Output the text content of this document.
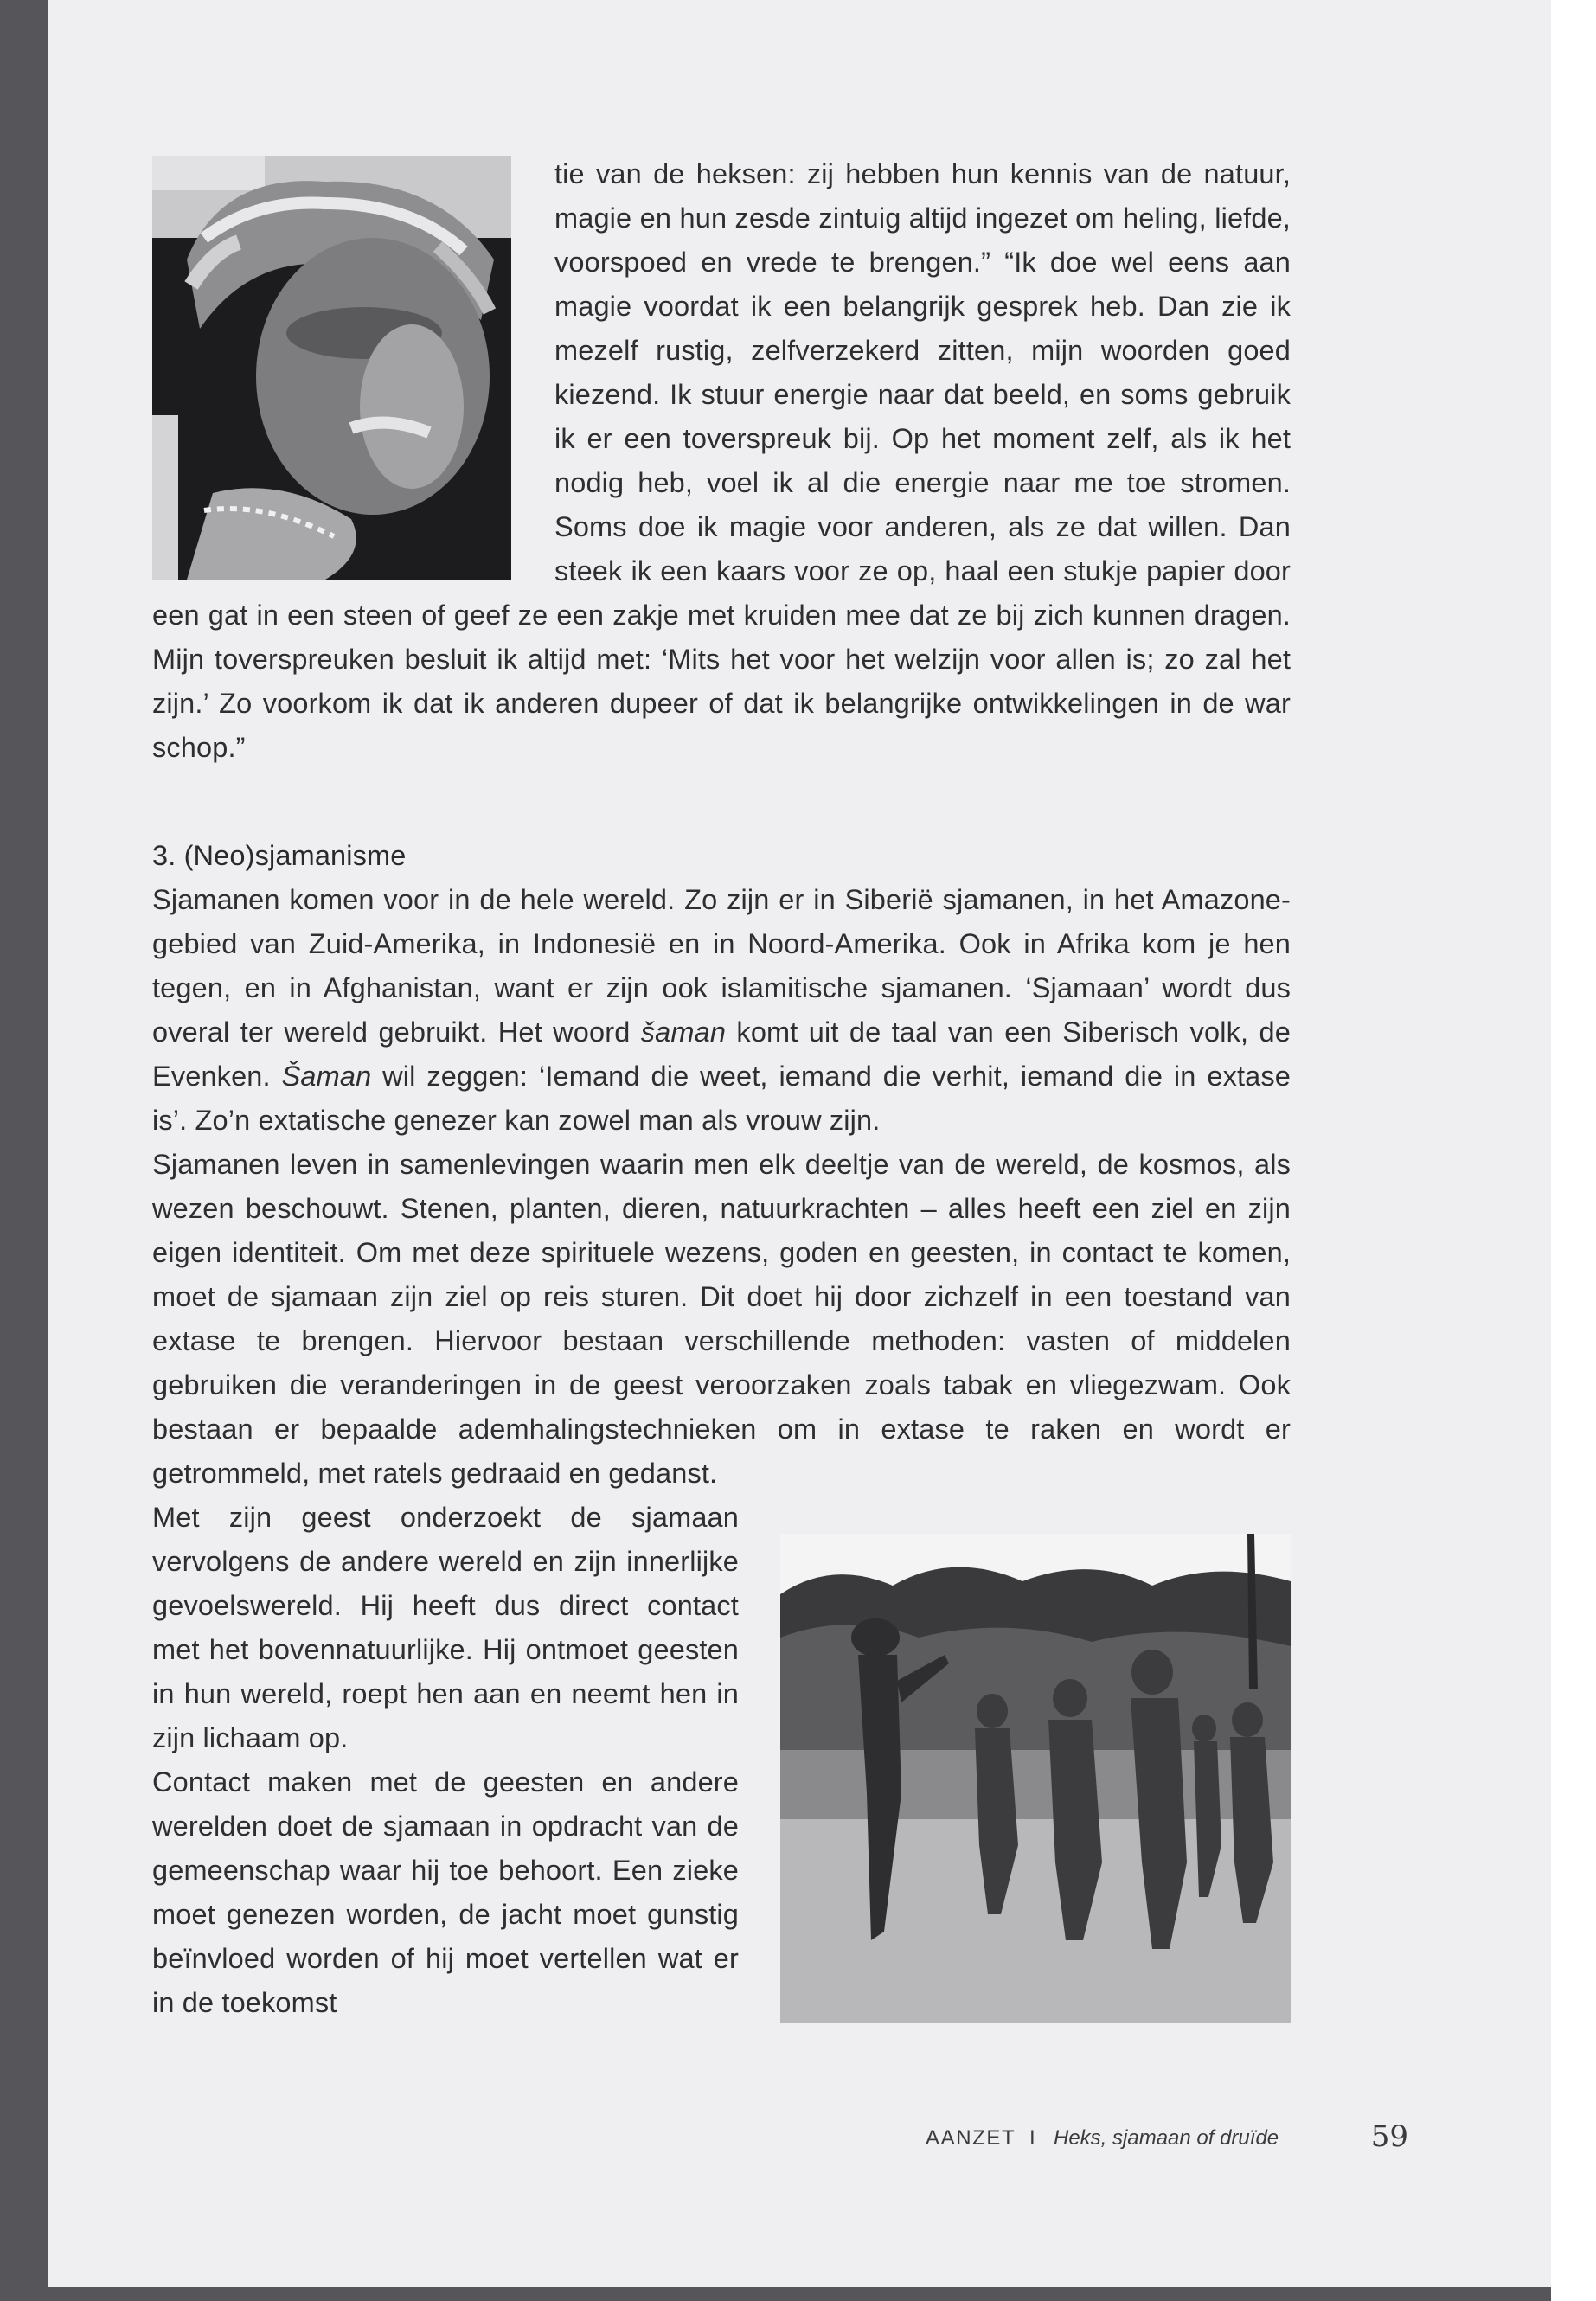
tie van de heksen: zij hebben hun kennis van de natuur, magie en hun zesde zintuig altijd ingezet om heling, liefde, voorspoed en vrede te brengen.” “Ik doe wel eens aan magie voordat ik een belangrijk gesprek heb. Dan zie ik mezelf rustig, zelfverzekerd zitten, mijn woorden goed kiezend. Ik stuur energie naar dat beeld, en soms gebruik ik er een toverspreuk bij. Op het moment zelf, als ik het nodig heb, voel ik al die energie naar me toe stromen. Soms doe ik magie voor anderen, als ze dat willen. Dan steek ik een kaars voor ze op, haal een stukje papier door een gat in een steen of geef ze een zakje met kruiden mee dat ze bij zich kunnen dragen. Mijn toverspreuken besluit ik altijd met: ‘Mits het voor het welzijn voor allen is; zo zal het zijn.’ Zo voorkom ik dat ik anderen dupeer of dat ik belangrijke ontwikkelingen in de war schop.”

3. (Neo)sjamanisme

Sjamanen komen voor in de hele wereld. Zo zijn er in Siberië sjamanen, in het Amazone-gebied van Zuid-Amerika, in Indonesië en in Noord-Amerika. Ook in Afrika kom je hen tegen, en in Afghanistan, want er zijn ook islamitische sjamanen. ‘Sjamaan’ wordt dus overal ter wereld gebruikt. Het woord šaman komt uit de taal van een Siberisch volk, de Evenken. Šaman wil zeggen: ‘Iemand die weet, iemand die verhit, iemand die in extase is’. Zo’n extatische genezer kan zowel man als vrouw zijn.

Sjamanen leven in samenlevingen waarin men elk deeltje van de wereld, de kosmos, als wezen beschouwt. Stenen, planten, dieren, natuurkrachten – alles heeft een ziel en zijn eigen identiteit. Om met deze spirituele wezens, goden en geesten, in contact te komen, moet de sjamaan zijn ziel op reis sturen. Dit doet hij door zichzelf in een toestand van extase te brengen. Hiervoor bestaan verschillende methoden: vasten of middelen gebruiken die veranderingen in de geest veroorzaken zoals tabak en vliegezwam. Ook bestaan er bepaalde ademhalingstechnieken om in extase te raken en wordt er getrommeld, met ratels gedraaid en gedanst.

Met zijn geest onderzoekt de sjamaan vervolgens de andere wereld en zijn innerlijke gevoelswereld. Hij heeft dus direct contact met het bovennatuurlijke. Hij ontmoet geesten in hun wereld, roept hen aan en neemt hen in zijn lichaam op.

Contact maken met de geesten en andere werelden doet de sjamaan in opdracht van de gemeenschap waar hij toe behoort. Een zieke moet genezen worden, de jacht moet gunstig beïnvloed worden of hij moet vertellen wat er in de toekomst

AANZET I Heks, sjamaan of druïde	59
